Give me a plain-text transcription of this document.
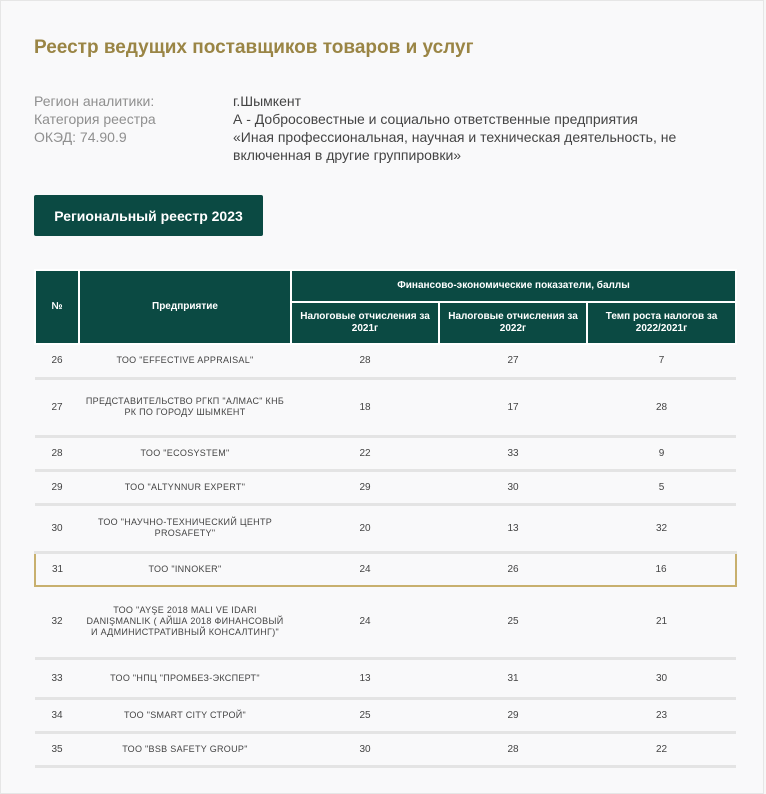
Реестр ведущих поставщиков товаров и услуг
Регион аналитики:	г.Шымкент
Категория реестра	А - Добросовестные и социально ответственные предприятия
ОКЭД: 74.90.9	«Иная профессиональная, научная и техническая деятельность, не включенная в другие группировки»
Региональный реестр 2023
№	Предприятие	Финансово-экономические показатели, баллы		
		Налоговые отчисления за 2021г	Налоговые отчисления за 2022г	Темп роста налогов за 2022/2021г
26	ТОО "EFFECTIVE APPRAISAL"	28	27	7
27	ПРЕДСТАВИТЕЛЬСТВО РГКП "АЛМАС" КНБ РК ПО ГОРОДУ ШЫМКЕНТ	18	17	28
28	ТОО "ECOSYSTEM"	22	33	9
29	ТОО "ALTYNNUR EXPERT"	29	30	5
30	ТОО "НАУЧНО-ТЕХНИЧЕСКИЙ ЦЕНТР PROSAFETY"	20	13	32
31	ТОО "INNOKER"	24	26	16
32	ТОО "AYŞE 2018 MALI VE IDARI DANIŞMANLIK ( АЙША 2018 ФИНАНСОВЫЙ И АДМИНИСТРАТИВНЫЙ КОНСАЛТИНГ)"	24	25	21
33	ТОО "НПЦ "ПРОМБЕЗ-ЭКСПЕРТ"	13	31	30
34	ТОО "SMART CITY СТРОЙ"	25	29	23
35	ТОО "BSB SAFETY GROUP"	30	28	22
